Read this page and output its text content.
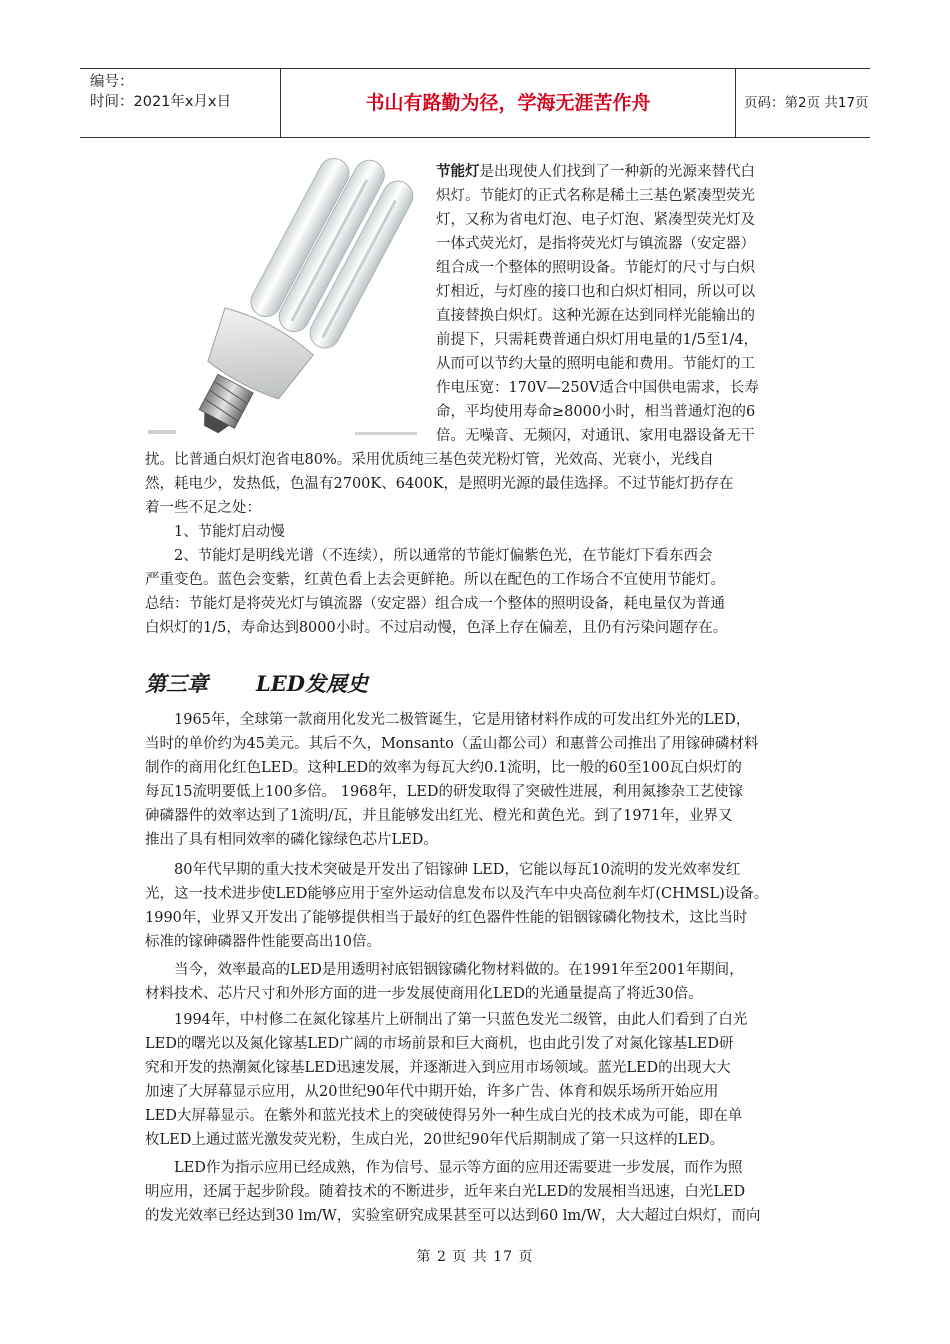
编号：
时间：2021年x月x日	书山有路勤为径，学海无涯苦作舟	页码：第2页 共17页
节能灯是出现使人们找到了一种新的光源来替代白
炽灯。节能灯的正式名称是稀土三基色紧凑型荧光
灯，又称为省电灯泡、电子灯泡、紧凑型荧光灯及
一体式荧光灯，是指将荧光灯与镇流器（安定器）
组合成一个整体的照明设备。节能灯的尺寸与白炽
灯相近，与灯座的接口也和白炽灯相同，所以可以
直接替换白炽灯。这种光源在达到同样光能输出的
前提下，只需耗费普通白炽灯用电量的1/5至1/4，
从而可以节约大量的照明电能和费用。节能灯的工
作电压宽：170V—250V适合中国供电需求，长寿
命，平均使用寿命≥8000小时，相当普通灯泡的6
倍。无噪音、无频闪，对通讯、家用电器设备无干
扰。比普通白炽灯泡省电80%。采用优质纯三基色荧光粉灯管，光效高、光衰小，光线自
然，耗电少，发热低，色温有2700K、6400K，是照明光源的最佳选择。不过节能灯扔存在
着一些不足之处：
1、节能灯启动慢
2、节能灯是明线光谱（不连续），所以通常的节能灯偏紫色光，在节能灯下看东西会
严重变色。蓝色会变紫，红黄色看上去会更鲜艳。所以在配色的工作场合不宜使用节能灯。
总结：节能灯是将荧光灯与镇流器（安定器）组合成一个整体的照明设备，耗电量仅为普通
白炽灯的1/5，寿命达到8000小时。不过启动慢，色泽上存在偏差，且仍有污染问题存在。
第三章 LED发展史
1965年，全球第一款商用化发光二极管诞生，它是用锗材料作成的可发出红外光的LED，
当时的单价约为45美元。其后不久，Monsanto（孟山都公司）和惠普公司推出了用镓砷磷材料
制作的商用化红色LED。这种LED的效率为每瓦大约0.1流明，比一般的60至100瓦白炽灯的
每瓦15流明要低上100多倍。 1968年，LED的研发取得了突破性进展，利用氮掺杂工艺使镓
砷磷器件的效率达到了1流明/瓦，并且能够发出红光、橙光和黄色光。到了1971年，业界又
推出了具有相同效率的磷化镓绿色芯片LED。
80年代早期的重大技术突破是开发出了铝镓砷 LED，它能以每瓦10流明的发光效率发红
光，这一技术进步使LED能够应用于室外运动信息发布以及汽车中央高位刹车灯(CHMSL)设备。
1990年，业界又开发出了能够提供相当于最好的红色器件性能的铝铟镓磷化物技术，这比当时
标准的镓砷磷器件性能要高出10倍。
当今，效率最高的LED是用透明衬底铝铟镓磷化物材料做的。在1991年至2001年期间，
材料技术、芯片尺寸和外形方面的进一步发展使商用化LED的光通量提高了将近30倍。
1994年，中村修二在氮化镓基片上研制出了第一只蓝色发光二级管，由此人们看到了白光
LED的曙光以及氮化镓基LED广阔的市场前景和巨大商机，也由此引发了对氮化镓基LED研
究和开发的热潮氮化镓基LED迅速发展，并逐渐进入到应用市场领域。蓝光LED的出现大大
加速了大屏幕显示应用，从20世纪90年代中期开始，许多广告、体育和娱乐场所开始应用
LED大屏幕显示。在紫外和蓝光技术上的突破使得另外一种生成白光的技术成为可能，即在单
枚LED上通过蓝光激发荧光粉，生成白光，20世纪90年代后期制成了第一只这样的LED。
LED作为指示应用已经成熟，作为信号、显示等方面的应用还需要进一步发展，而作为照
明应用，还属于起步阶段。随着技术的不断进步，近年来白光LED的发展相当迅速，白光LED
的发光效率已经达到30 lm/W，实验室研究成果甚至可以达到60 lm/W，大大超过白炽灯，而向
第 2 页 共 17 页
